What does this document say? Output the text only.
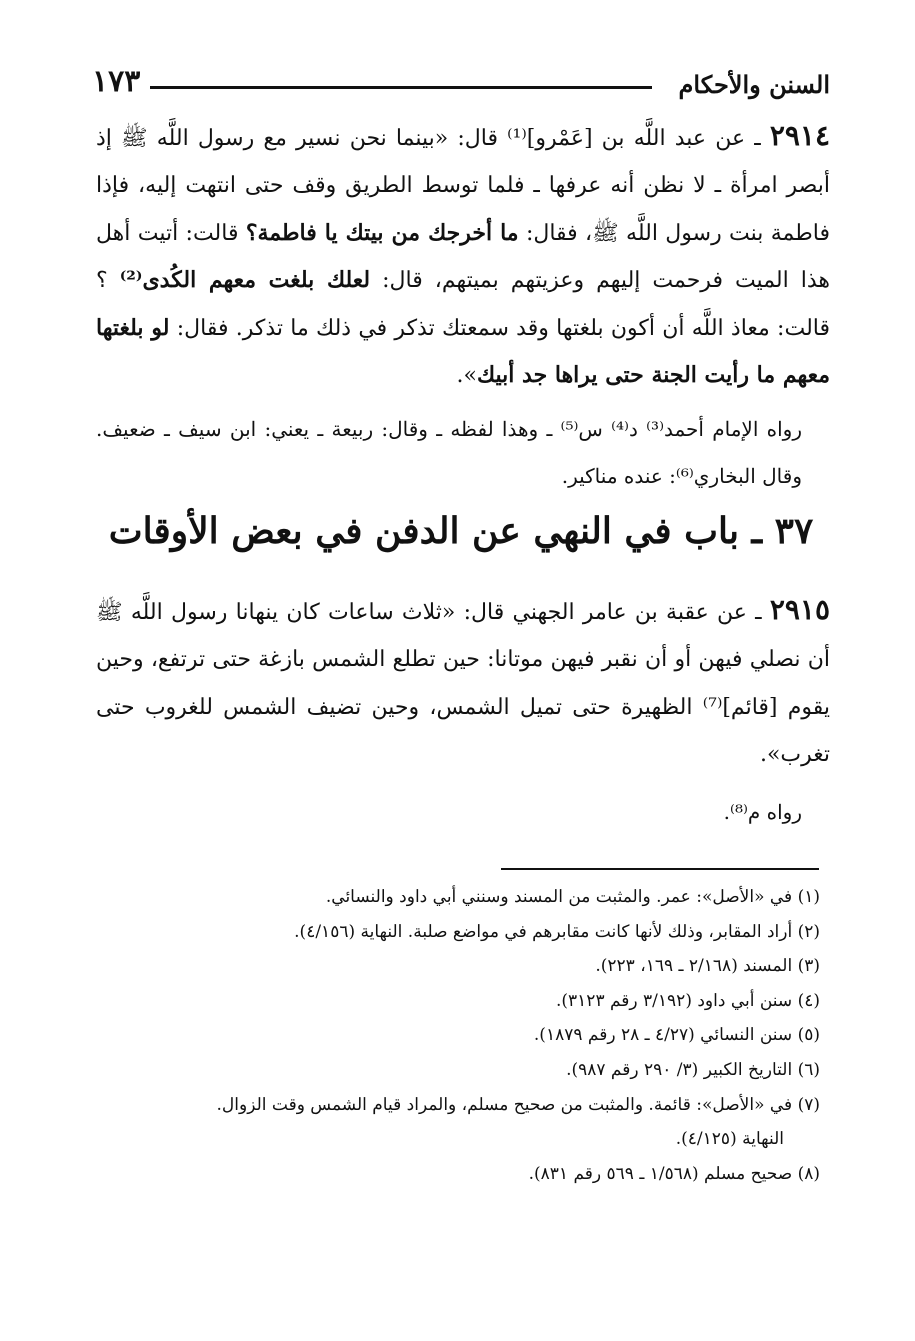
السنن والأحكام
١٧٣
٢٩١٤ ـ عن عبد اللَّه بن [عَمْرو]⁽¹⁾ قال: «بينما نحن نسير مع رسول اللَّه ﷺ إذ أبصر امرأة ـ لا نظن أنه عرفها ـ فلما توسط الطريق وقف حتى انتهت إليه، فإذا فاطمة بنت رسول اللَّه ﷺ، فقال: ما أخرجك من بيتك يا فاطمة؟ قالت: أتيت أهل هذا الميت فرحمت إليهم وعزيتهم بميتهم، قال: لعلك بلغت معهم الكُدى⁽²⁾ ؟ قالت: معاذ اللَّه أن أكون بلغتها وقد سمعتك تذكر في ذلك ما تذكر. فقال: لو بلغتها معهم ما رأيت الجنة حتى يراها جد أبيك».
رواه الإمام أحمد⁽³⁾ د⁽⁴⁾ س⁽⁵⁾ ـ وهذا لفظه ـ وقال: ربيعة ـ يعني: ابن سيف ـ ضعيف. وقال البخاري⁽⁶⁾: عنده مناكير.
٣٧ ـ باب في النهي عن الدفن في بعض الأوقات
٢٩١٥ ـ عن عقبة بن عامر الجهني قال: «ثلاث ساعات كان ينهانا رسول اللَّه ﷺ أن نصلي فيهن أو أن نقبر فيهن موتانا: حين تطلع الشمس بازغة حتى ترتفع، وحين يقوم [قائم]⁽⁷⁾ الظهيرة حتى تميل الشمس، وحين تضيف الشمس للغروب حتى تغرب».
رواه م⁽⁸⁾.
(١) في «الأصل»: عمر. والمثبت من المسند وسنني أبي داود والنسائي.
(٢) أراد المقابر، وذلك لأنها كانت مقابرهم في مواضع صلبة. النهاية (٤/١٥٦).
(٣) المسند (٢/١٦٨ ـ ١٦٩، ٢٢٣).
(٤) سنن أبي داود (٣/١٩٢ رقم ٣١٢٣).
(٥) سنن النسائي (٤/٢٧ ـ ٢٨ رقم ١٨٧٩).
(٦) التاريخ الكبير (٣/ ٢٩٠ رقم ٩٨٧).
(٧) في «الأصل»: قائمة. والمثبت من صحيح مسلم، والمراد قيام الشمس وقت الزوال.
النهاية (٤/١٢٥).
(٨) صحيح مسلم (١/٥٦٨ ـ ٥٦٩ رقم ٨٣١).
